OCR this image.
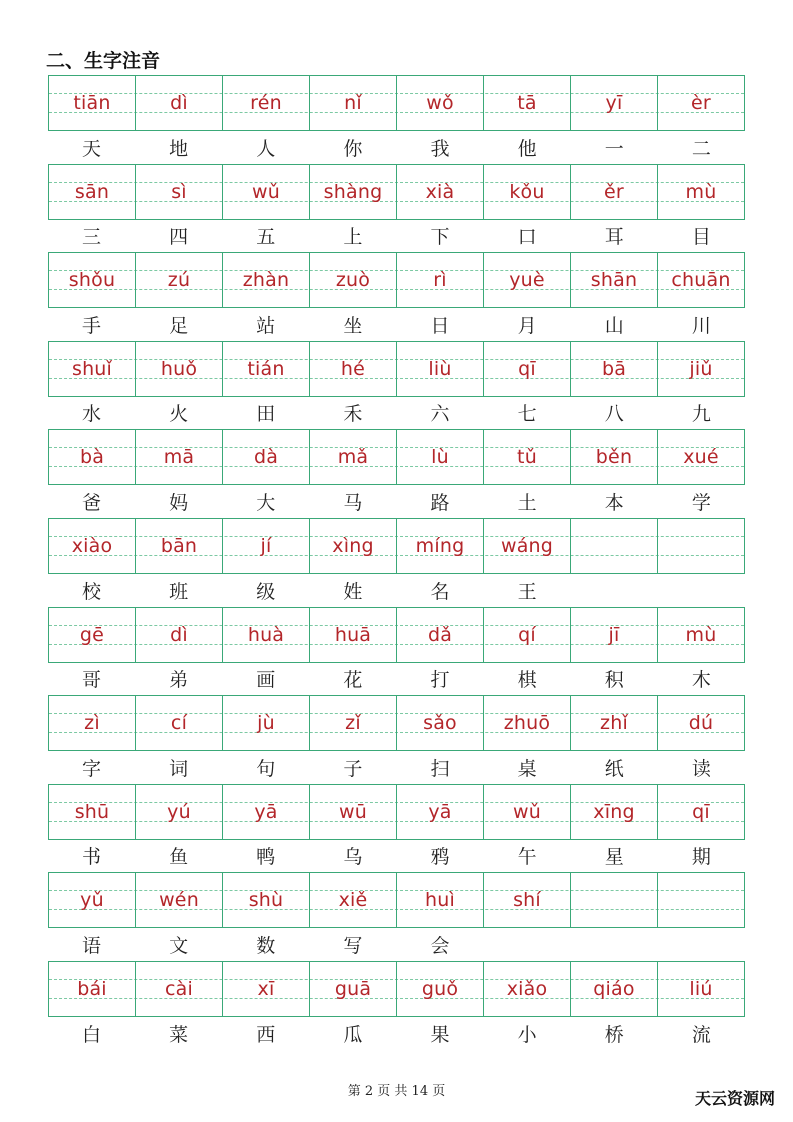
二、生字注音
tiān	dì	rén	nǐ	wǒ	tā	yī	èr
天	地	人	你	我	他	一	二
sān	sì	wǔ	shàng	xià	kǒu	ěr	mù
三	四	五	上	下	口	耳	目
shǒu	zú	zhàn	zuò	rì	yuè	shān	chuān
手	足	站	坐	日	月	山	川
shuǐ	huǒ	tián	hé	liù	qī	bā	jiǔ
水	火	田	禾	六	七	八	九
bà	mā	dà	mǎ	lù	tǔ	běn	xué
爸	妈	大	马	路	土	本	学
xiào	bān	jí	xìng	míng	wáng
校	班	级	姓	名	王
gē	dì	huà	huā	dǎ	qí	jī	mù
哥	弟	画	花	打	棋	积	木
zì	cí	jù	zǐ	sǎo	zhuō	zhǐ	dú
字	词	句	子	扫	桌	纸	读
shū	yú	yā	wū	yā	wǔ	xīng	qī
书	鱼	鸭	乌	鸦	午	星	期
yǔ	wén	shù	xiě	huì	shí
语	文	数	写	会
bái	cài	xī	guā	guǒ	xiǎo	qiáo	liú
白	菜	西	瓜	果	小	桥	流
第 2 页 共 14 页	天云资源网
